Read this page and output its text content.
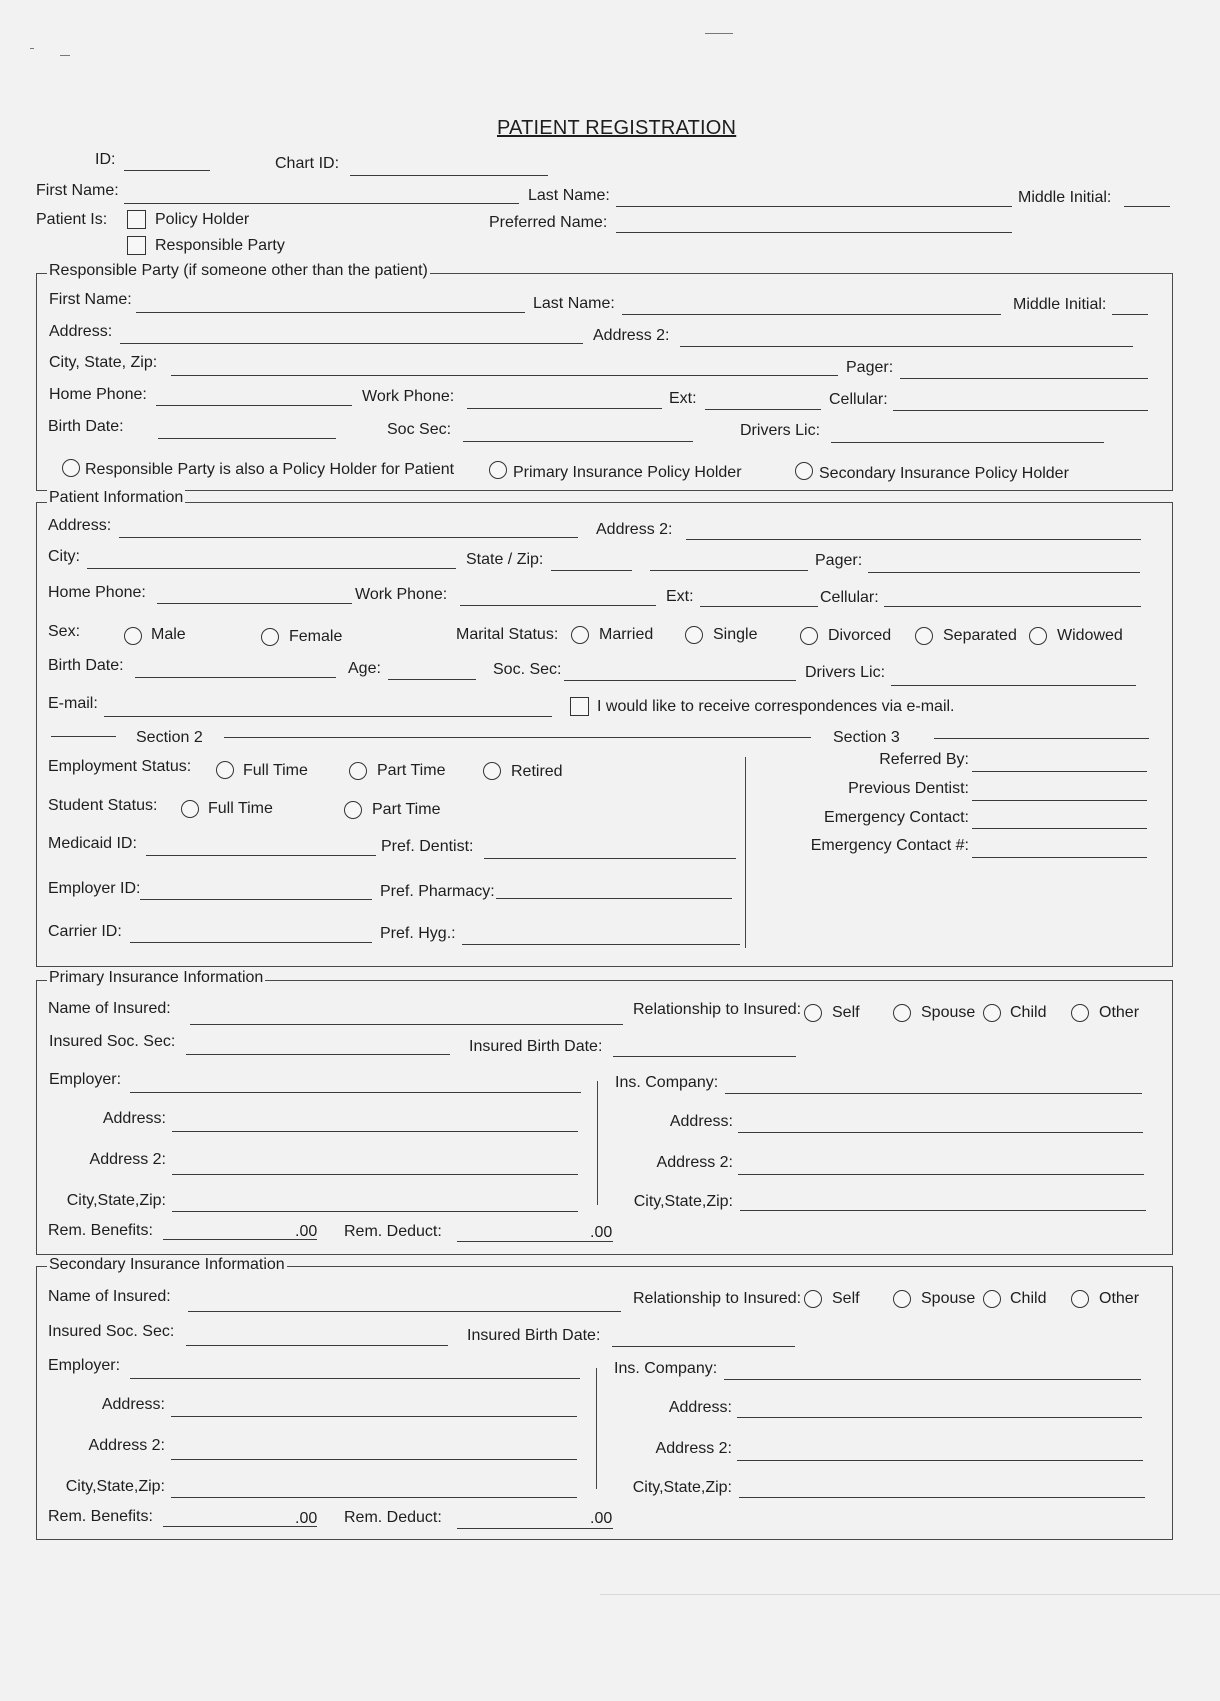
PATIENT REGISTRATION
ID:	Chart ID:
First Name:	Last Name:	Middle Initial:
Patient Is:	Policy Holder
Responsible Party
Preferred Name:
Responsible Party (if someone other than the patient)
First Name:	Last Name:	Middle Initial:
Address:	Address 2:
City, State, Zip:	Pager:
Home Phone:	Work Phone:	Ext:	Cellular:
Birth Date:	Soc Sec:	Drivers Lic:
Responsible Party is also a Policy Holder for Patient	Primary Insurance Policy Holder	Secondary Insurance Policy Holder
Patient Information
Address:	Address 2:
City:	State / Zip:	Pager:
Home Phone:	Work Phone:	Ext:	Cellular:
Sex:	Male	Female	Marital Status:	Married	Single	Divorced	Separated	Widowed
Birth Date:	Age:	Soc. Sec:	Drivers Lic:
E-mail:	I would like to receive correspondences via e-mail.
Section 2	Section 3
Employment Status:	Full Time	Part Time	Retired
Student Status:	Full Time	Part Time
Medicaid ID:	Pref. Dentist:
Employer ID:	Pref. Pharmacy:
Carrier ID:	Pref. Hyg.:
Referred By:
Previous Dentist:
Emergency Contact:
Emergency Contact #:
Primary Insurance Information
Name of Insured:	Relationship to Insured: Self	Spouse Child	Other
Insured Soc. Sec:	Insured Birth Date:
Employer:	Ins. Company:
Address:	Address:
Address 2:	Address 2:
City,State,Zip:	City,State,Zip:
Rem. Benefits:	.00 Rem. Deduct:	.00
Secondary Insurance Information
Name of Insured:	Relationship to Insured: Self	Spouse Child	Other
Insured Soc. Sec:	Insured Birth Date:
Employer:	Ins. Company:
Address:	Address:
Address 2:	Address 2:
City,State,Zip:	City,State,Zip:
Rem. Benefits:	.00 Rem. Deduct:	.00
